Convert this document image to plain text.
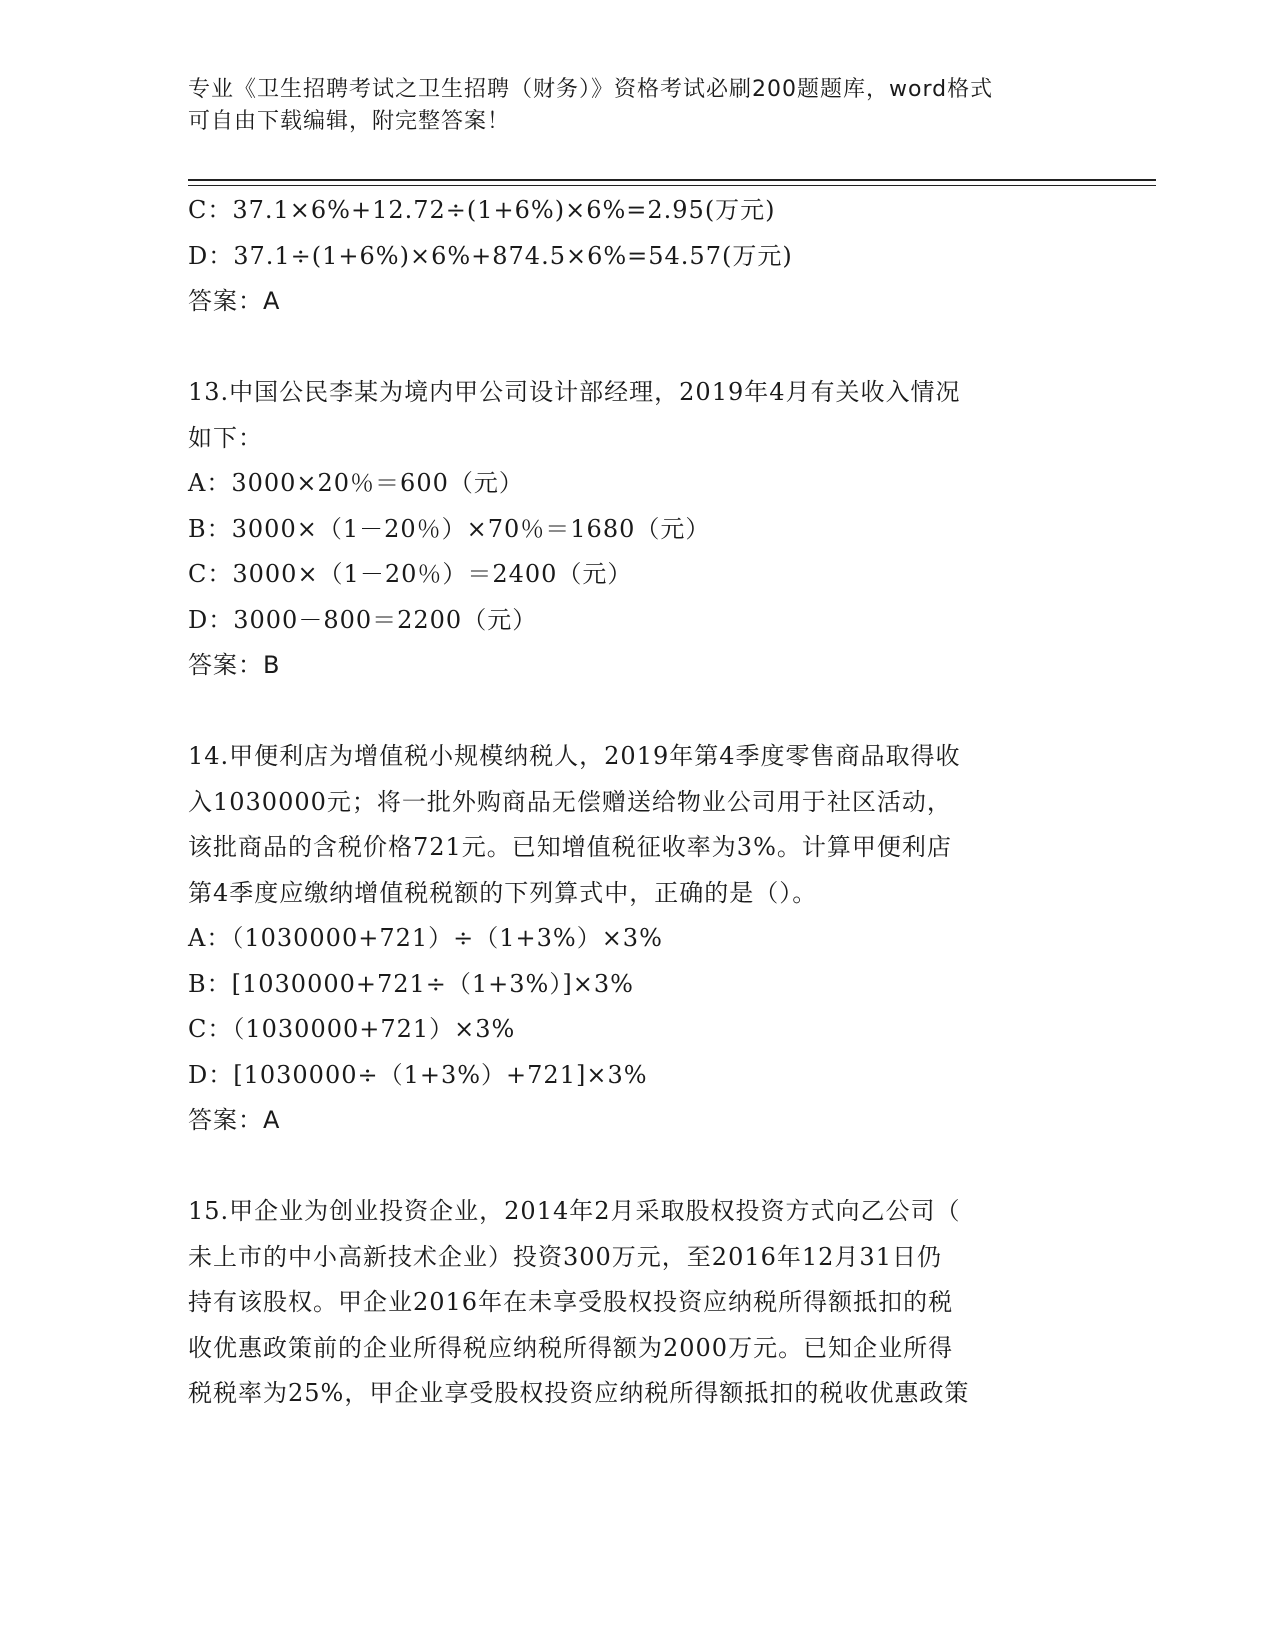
专业《卫生招聘考试之卫生招聘（财务）》资格考试必刷200题题库，word格式
可自由下载编辑，附完整答案！
C：37.1×6%+12.72÷(1+6%)×6%=2.95(万元)
D：37.1÷(1+6%)×6%+874.5×6%=54.57(万元)
答案：A
13.中国公民李某为境内甲公司设计部经理，2019年4月有关收入情况
如下：
A：3000×20％＝600（元）
B：3000×（1－20％）×70％＝1680（元）
C：3000×（1－20％）＝2400（元）
D：3000－800＝2200（元）
答案：B
14.甲便利店为增值税小规模纳税人，2019年第4季度零售商品取得收
入1030000元；将一批外购商品无偿赠送给物业公司用于社区活动，
该批商品的含税价格721元。已知增值税征收率为3%。计算甲便利店
第4季度应缴纳增值税税额的下列算式中，正确的是（）。
A：（1030000+721）÷（1+3%）×3%
B：[1030000+721÷（1+3%）]×3%
C：（1030000+721）×3%
D：[1030000÷（1+3%）+721]×3%
答案：A
15.甲企业为创业投资企业，2014年2月采取股权投资方式向乙公司（
未上市的中小高新技术企业）投资300万元，至2016年12月31日仍
持有该股权。甲企业2016年在未享受股权投资应纳税所得额抵扣的税
收优惠政策前的企业所得税应纳税所得额为2000万元。已知企业所得
税税率为25%，甲企业享受股权投资应纳税所得额抵扣的税收优惠政策
